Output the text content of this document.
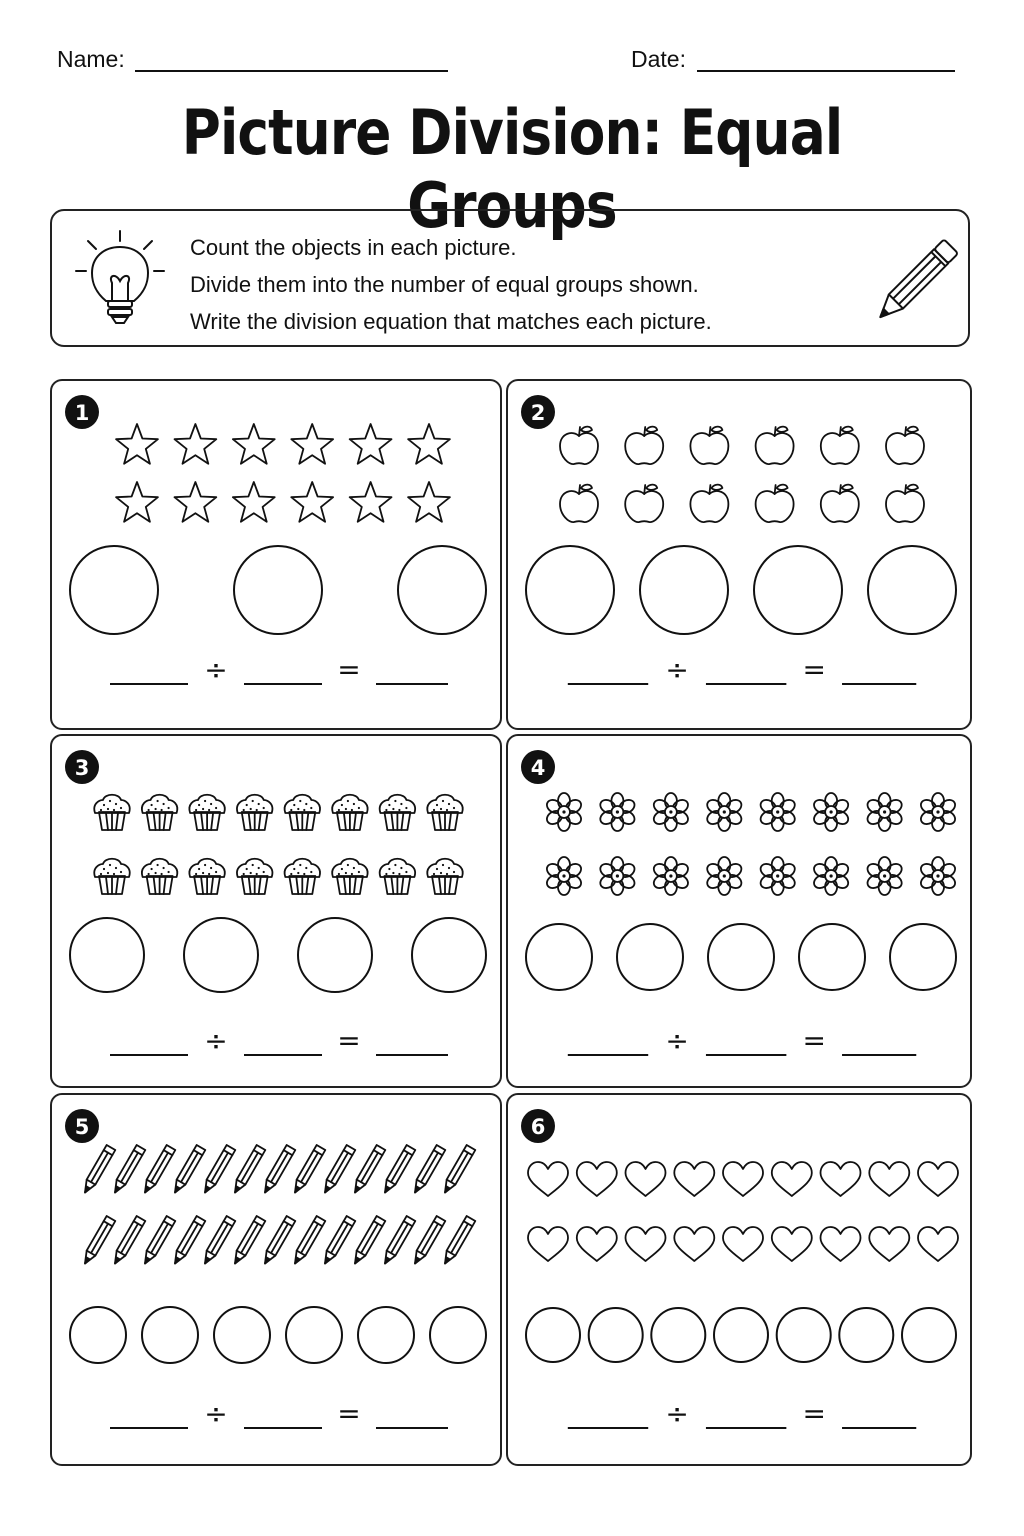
Name:	Date:
Picture Division: Equal Groups
Count the objects in each picture.
Divide them into the number of equal groups shown.
Write the division equation that matches each picture.
1
÷	=
2
÷	=
3
÷	=
4
÷	=
5
÷	=
6
÷	=
